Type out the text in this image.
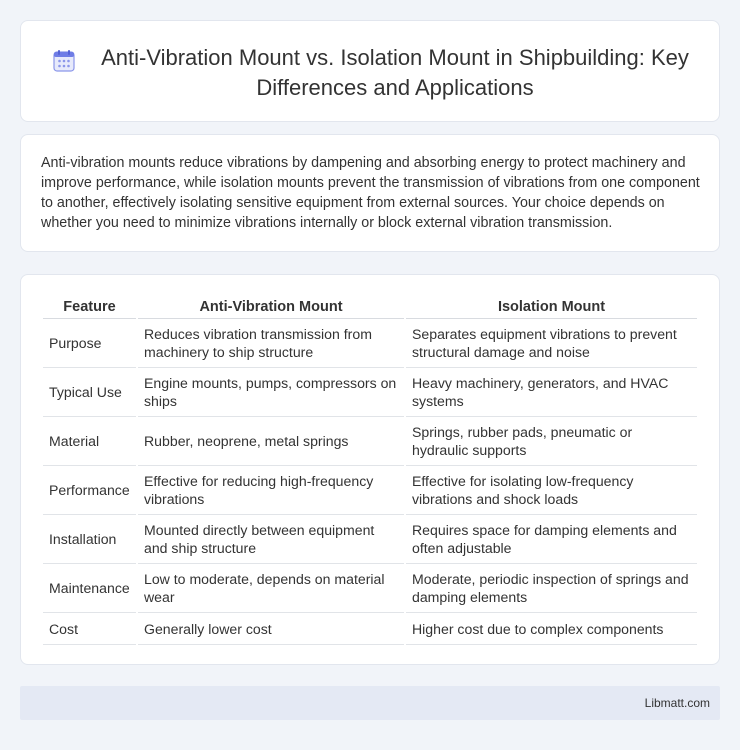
Anti-Vibration Mount vs. Isolation Mount in Shipbuilding: Key Differences and Applications

Anti-vibration mounts reduce vibrations by dampening and absorbing energy to protect machinery and improve performance, while isolation mounts prevent the transmission of vibrations from one component to another, effectively isolating sensitive equipment from external sources. Your choice depends on whether you need to minimize vibrations internally or block external vibration transmission.

Feature	Anti-Vibration Mount	Isolation Mount
Purpose	Reduces vibration transmission from machinery to ship structure	Separates equipment vibrations to prevent structural damage and noise
Typical Use	Engine mounts, pumps, compressors on ships	Heavy machinery, generators, and HVAC systems
Material	Rubber, neoprene, metal springs	Springs, rubber pads, pneumatic or hydraulic supports
Performance	Effective for reducing high-frequency vibrations	Effective for isolating low-frequency vibrations and shock loads
Installation	Mounted directly between equipment and ship structure	Requires space for damping elements and often adjustable
Maintenance	Low to moderate, depends on material wear	Moderate, periodic inspection of springs and damping elements
Cost	Generally lower cost	Higher cost due to complex components
Libmatt.com
